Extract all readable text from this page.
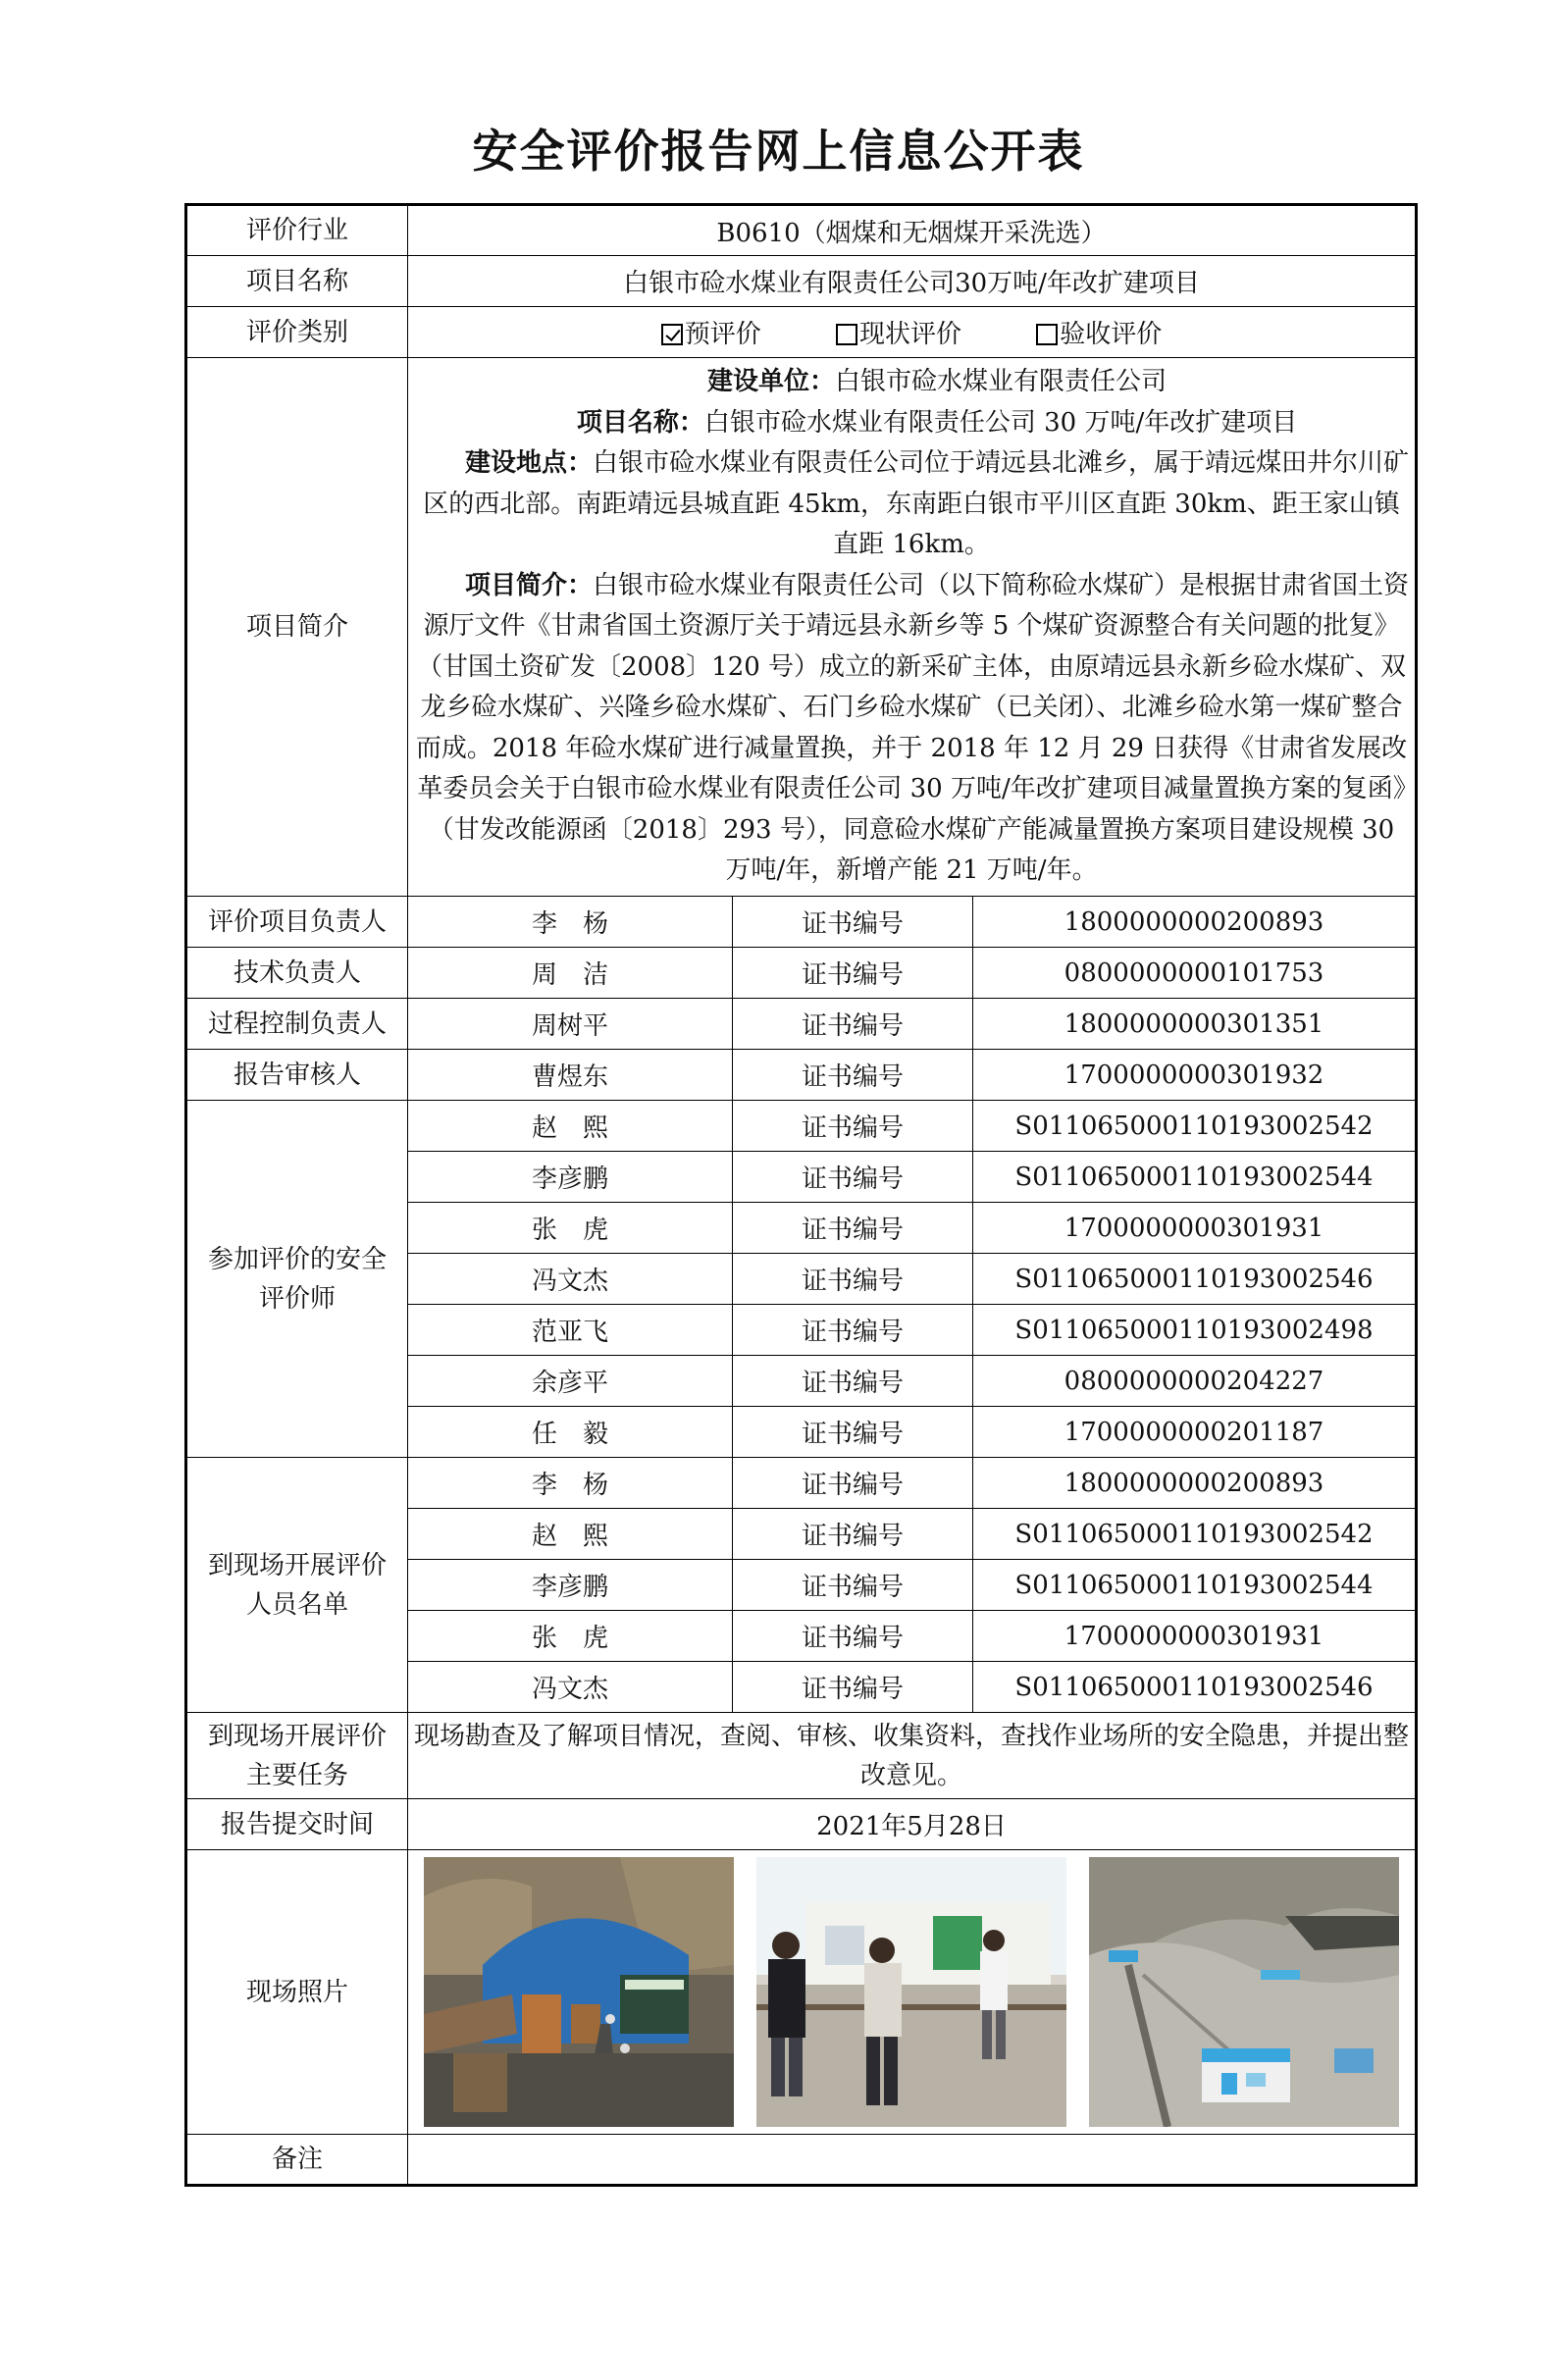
安全评价报告网上信息公开表
评价行业	B0610（烟煤和无烟煤开采洗选）		
项目名称	白银市硷水煤业有限责任公司30万吨/年改扩建项目		
评价类别	预评价 现状评价 验收评价		
项目简介	建设单位：白银市硷水煤业有限责任公司

项目名称：白银市硷水煤业有限责任公司 30 万吨/年改扩建项目

建设地点：白银市硷水煤业有限责任公司位于靖远县北滩乡，属于靖远煤田井尔川矿区的西北部。南距靖远县城直距 45km，东南距白银市平川区直距 30km、距王家山镇直距 16km。

项目简介：白银市硷水煤业有限责任公司（以下简称硷水煤矿）是根据甘肃省国土资源厅文件《甘肃省国土资源厅关于靖远县永新乡等 5 个煤矿资源整合有关问题的批复》（甘国土资矿发〔2008〕120 号）成立的新采矿主体，由原靖远县永新乡硷水煤矿、双龙乡硷水煤矿、兴隆乡硷水煤矿、石门乡硷水煤矿（已关闭）、北滩乡硷水第一煤矿整合而成。2018 年硷水煤矿进行减量置换，并于 2018 年 12 月 29 日获得《甘肃省发展改革委员会关于白银市硷水煤业有限责任公司 30 万吨/年改扩建项目减量置换方案的复函》（甘发改能源函〔2018〕293 号），同意硷水煤矿产能减量置换方案项目建设规模 30 万吨/年，新增产能 21 万吨/年。		

评价项目负责人	李　杨	证书编号	1800000000200893
技术负责人	周　洁	证书编号	0800000000101753
过程控制负责人	周树平	证书编号	1800000000301351
报告审核人	曹煜东	证书编号	1700000000301932
参加评价的安全评价师	赵　熙	证书编号	S011065000110193002542
	李彦鹏	证书编号	S011065000110193002544
	张　虎	证书编号	1700000000301931
	冯文杰	证书编号	S011065000110193002546
	范亚飞	证书编号	S011065000110193002498
	余彦平	证书编号	0800000000204227
	任　毅	证书编号	1700000000201187
到现场开展评价人员名单	李　杨	证书编号	1800000000200893
	赵　熙	证书编号	S011065000110193002542
	李彦鹏	证书编号	S011065000110193002544
	张　虎	证书编号	1700000000301931
	冯文杰	证书编号	S011065000110193002546
到现场开展评价主要任务	现场勘查及了解项目情况，查阅、审核、收集资料，查找作业场所的安全隐患，并提出整改意见。		
报告提交时间	2021年5月28日		
现场照片	

备注			
